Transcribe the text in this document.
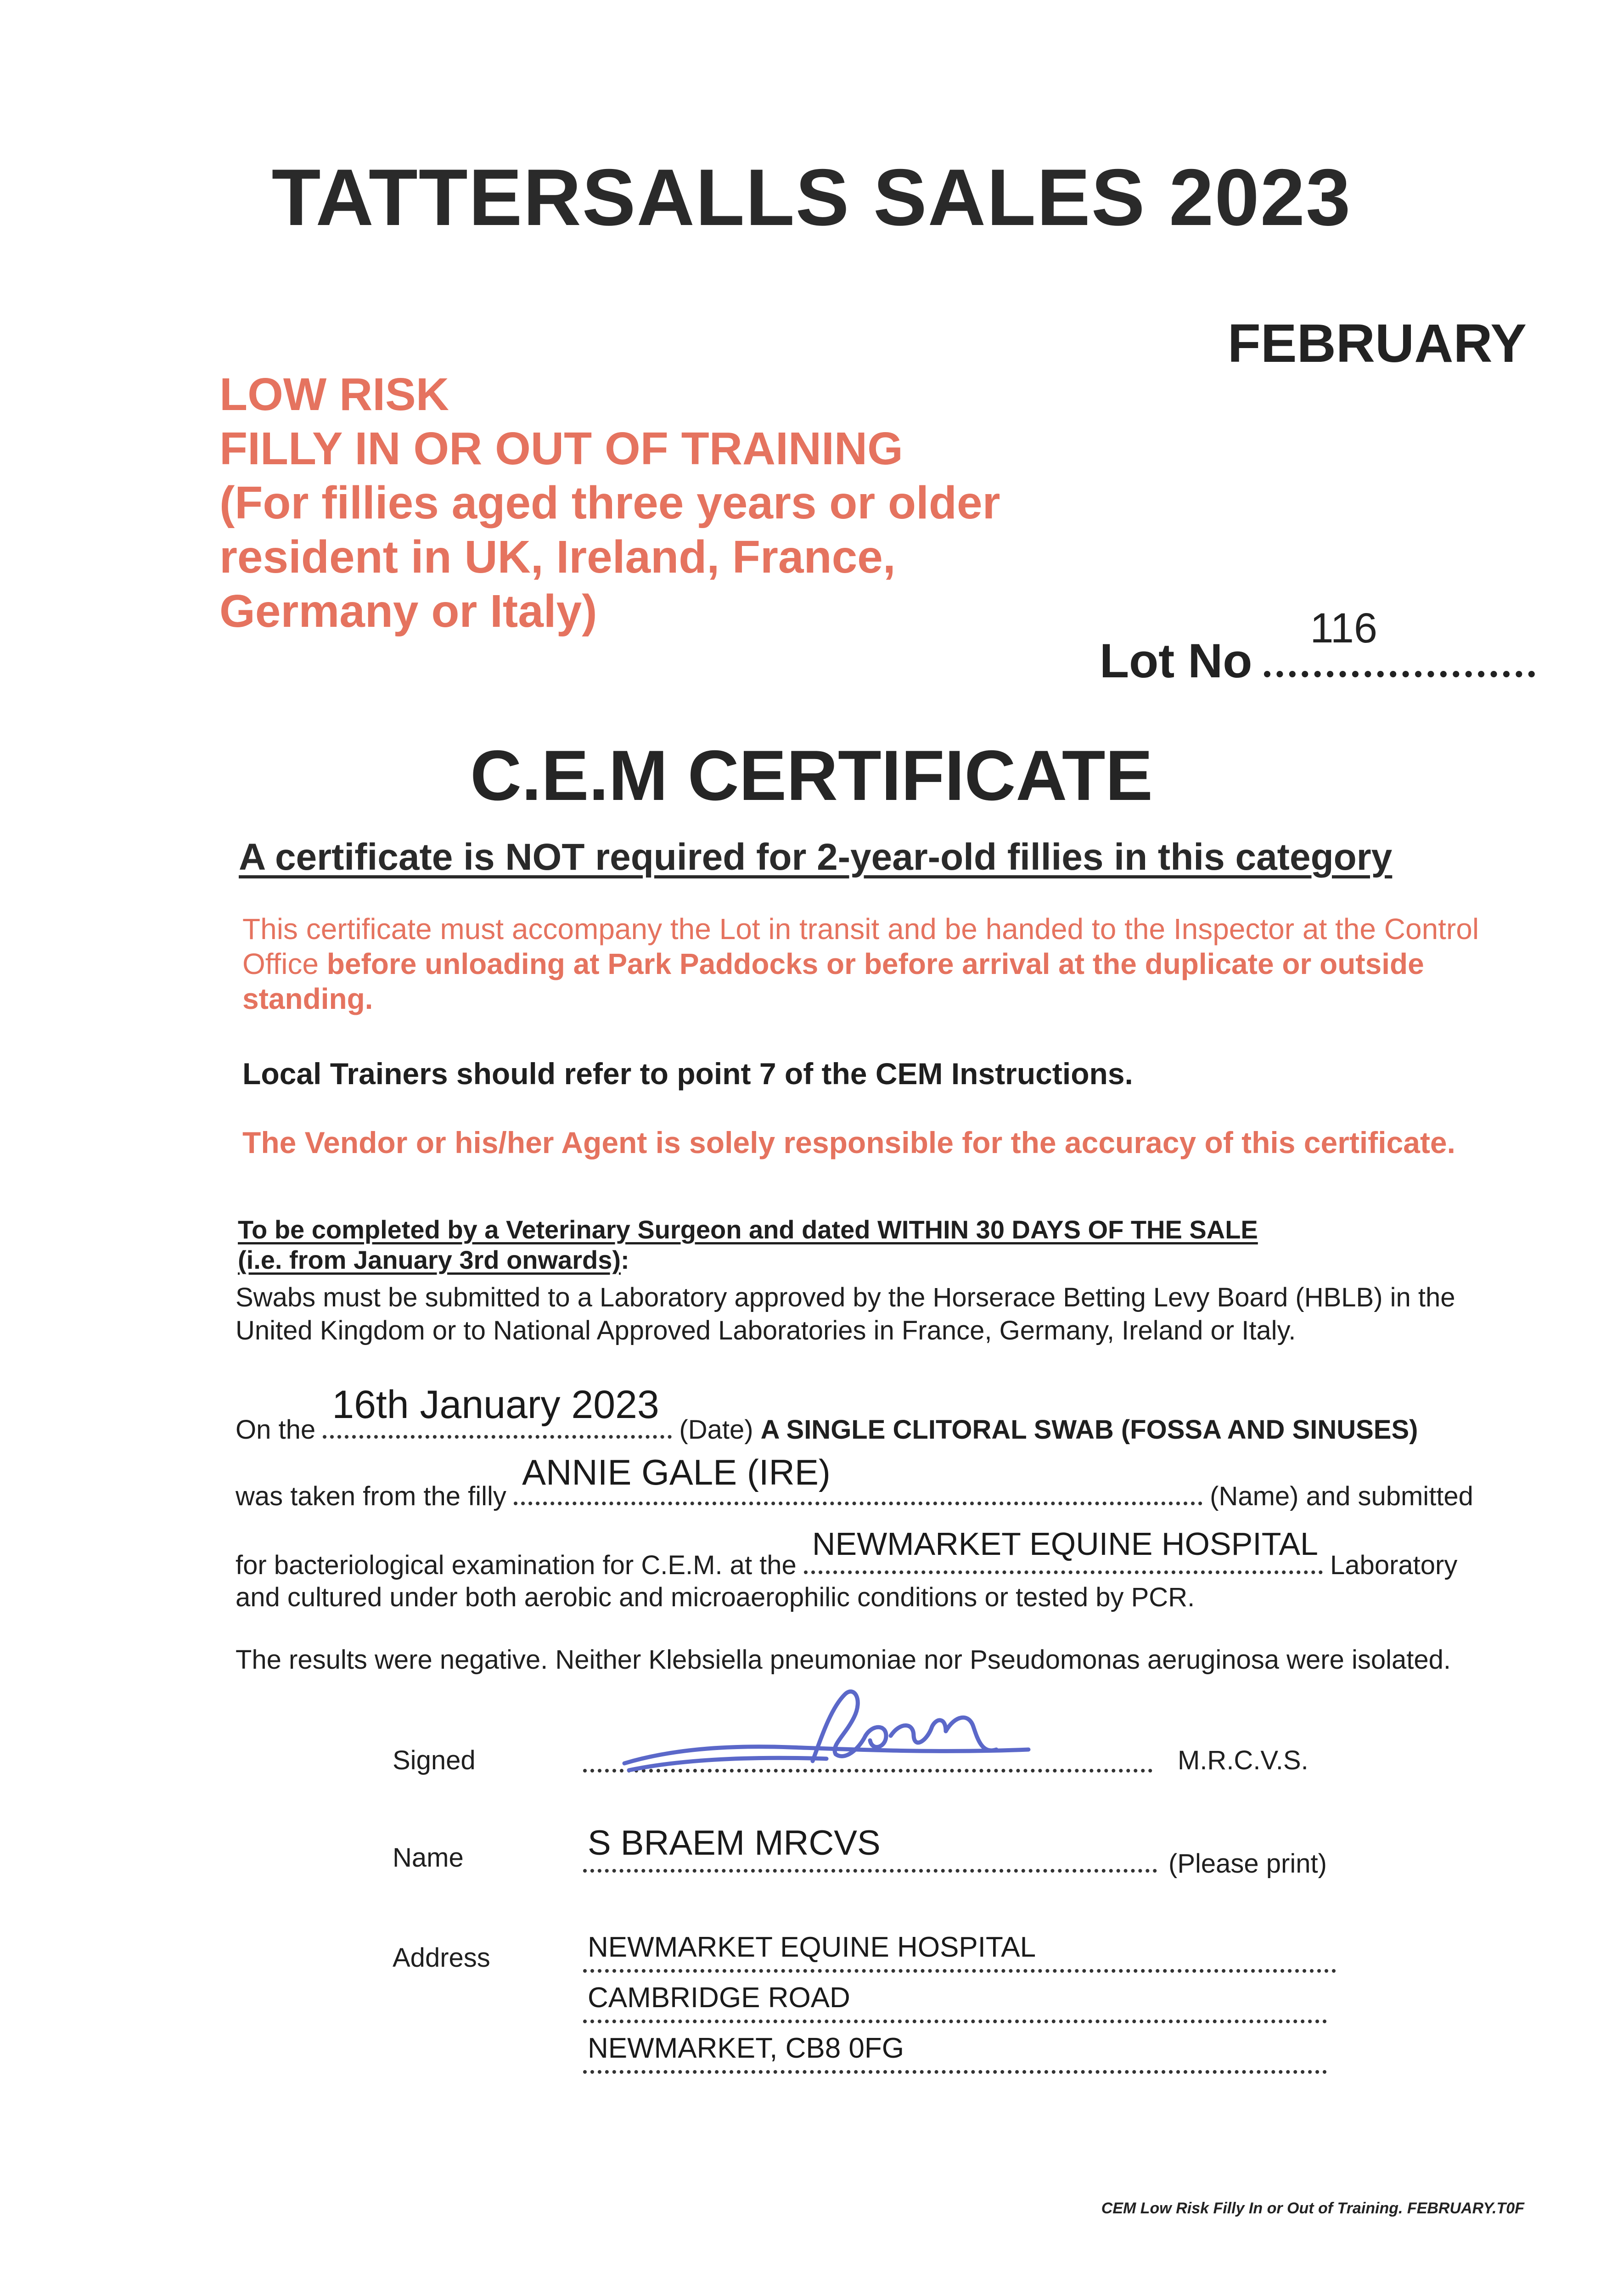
TATTERSALLS SALES 2023
FEBRUARY
LOW RISK
FILLY IN OR OUT OF TRAINING
(For fillies aged three years or older
resident in UK, Ireland, France,
Germany or Italy)
Lot No
116
C.E.M CERTIFICATE
A certificate is NOT required for 2-year-old fillies in this category
This certificate must accompany the Lot in transit and be handed to the Inspector at the Control Office before unloading at Park Paddocks or before arrival at the duplicate or outside standing.
Local Trainers should refer to point 7 of the CEM Instructions.
The Vendor or his/her Agent is solely responsible for the accuracy of this certificate.
To be completed by a Veterinary Surgeon and dated WITHIN 30 DAYS OF THE SALE
(i.e. from January 3rd onwards):
Swabs must be submitted to a Laboratory approved by the Horserace Betting Levy Board (HBLB) in the United Kingdom or to National Approved Laboratories in France, Germany, Ireland or Italy.
On the
16th January 2023
(Date) A SINGLE CLITORAL SWAB (FOSSA AND SINUSES)
was taken from the filly
ANNIE GALE (IRE)
(Name) and submitted
for bacteriological examination for C.E.M. at the
NEWMARKET EQUINE HOSPITAL
Laboratory
and cultured under both aerobic and microaerophilic conditions or tested by PCR.
The results were negative. Neither Klebsiella pneumoniae nor Pseudomonas aeruginosa were isolated.
Signed	M.R.C.V.S.
Name	S BRAEM MRCVS
(Please print)
Address	NEWMARKET EQUINE HOSPITAL
CAMBRIDGE ROAD
NEWMARKET, CB8 0FG
CEM Low Risk Filly In or Out of Training. FEBRUARY.T0F
